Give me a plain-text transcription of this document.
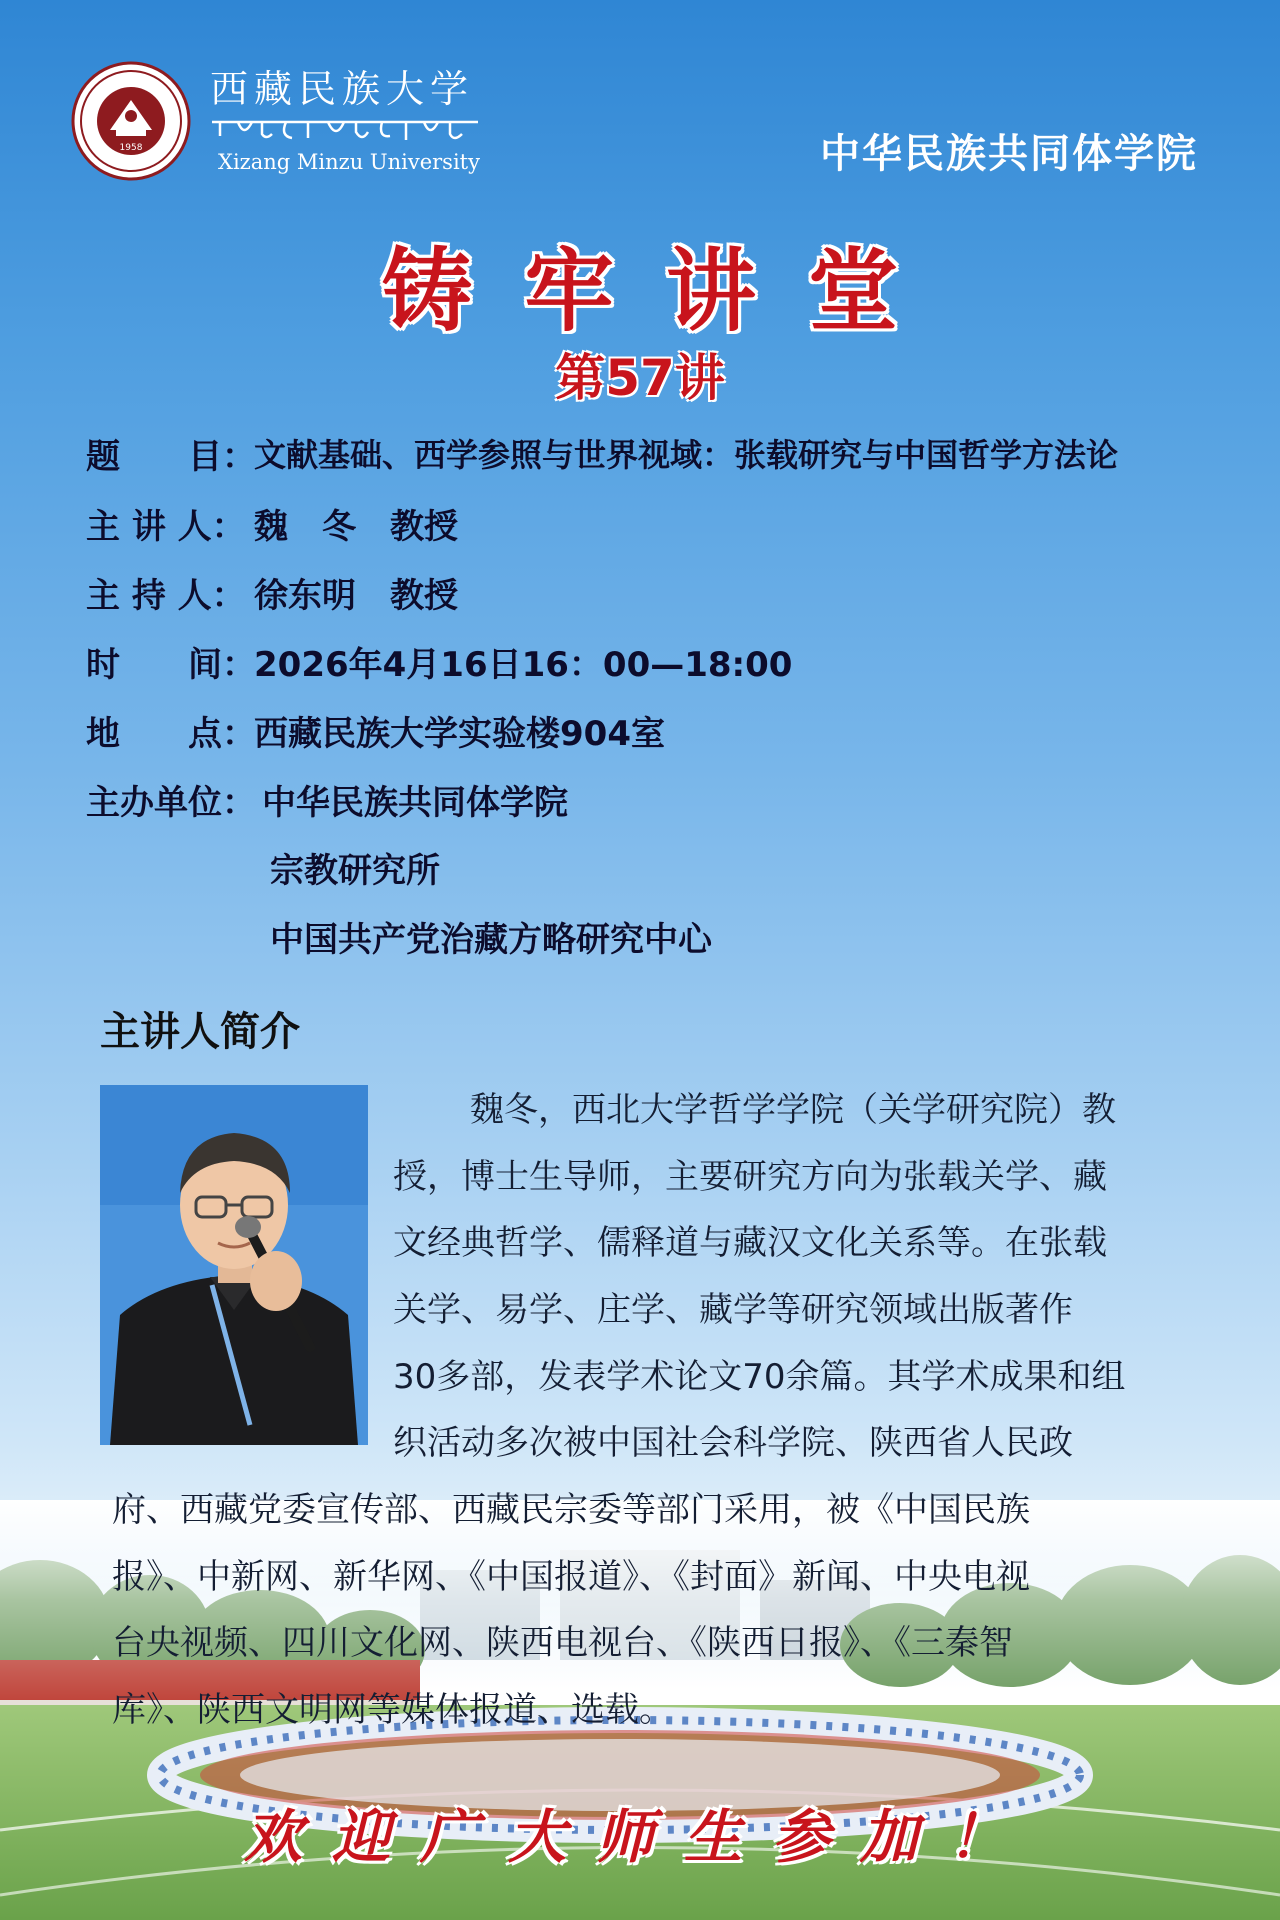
1958
西藏民族大学
Xizang Minzu University	中华民族共同体学院
铸牢讲堂
第57讲
题　　目：
文献基础、西学参照与世界视域：张载研究与中国哲学方法论
主 讲 人： 魏　冬　教授
主 持 人： 徐东明　教授
时　　间：
2026年4月16日16：00—18:00
地　　点：
西藏民族大学实验楼904室
主办单位： 中华民族共同体学院
宗教研究所
中国共产党治藏方略研究中心
主讲人简介
魏冬，西北大学哲学学院（关学研究院）教
授，博士生导师，主要研究方向为张载关学、藏
文经典哲学、儒释道与藏汉文化关系等。在张载
关学、易学、庄学、藏学等研究领域出版著作
30多部，发表学术论文70余篇。其学术成果和组
织活动多次被中国社会科学院、陕西省人民政
府、西藏党委宣传部、西藏民宗委等部门采用，被《中国民族
报》、中新网、新华网、《中国报道》、《封面》新闻、中央电视
台央视频、四川文化网、陕西电视台、《陕西日报》、《三秦智
库》、陕西文明网等媒体报道、选载。
欢迎广大师生参加！
